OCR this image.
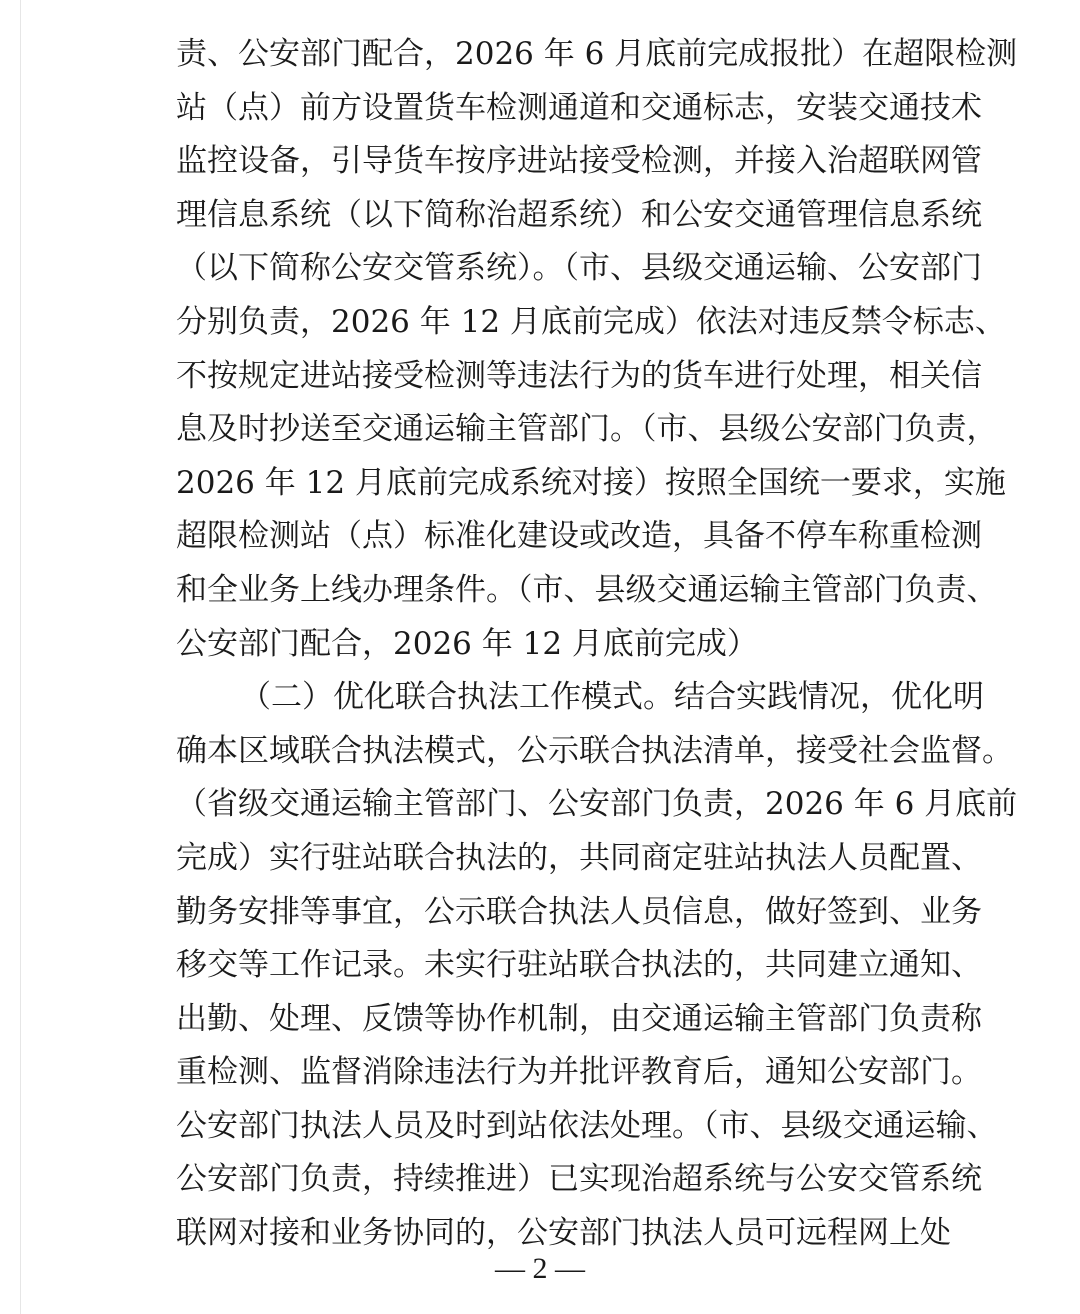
责、公安部门配合，2026 年 6 月底前完成报批）在超限检测
站（点）前方设置货车检测通道和交通标志，安装交通技术
监控设备，引导货车按序进站接受检测，并接入治超联网管
理信息系统（以下简称治超系统）和公安交通管理信息系统
（以下简称公安交管系统）。（市、县级交通运输、公安部门
分别负责，2026 年 12 月底前完成）依法对违反禁令标志、
不按规定进站接受检测等违法行为的货车进行处理，相关信
息及时抄送至交通运输主管部门。（市、县级公安部门负责，
2026 年 12 月底前完成系统对接）按照全国统一要求，实施
超限检测站（点）标准化建设或改造，具备不停车称重检测
和全业务上线办理条件。（市、县级交通运输主管部门负责、
公安部门配合，2026 年 12 月底前完成）
（二）优化联合执法工作模式。结合实践情况，优化明
确本区域联合执法模式，公示联合执法清单，接受社会监督。
（省级交通运输主管部门、公安部门负责，2026 年 6 月底前
完成）实行驻站联合执法的，共同商定驻站执法人员配置、
勤务安排等事宜，公示联合执法人员信息，做好签到、业务
移交等工作记录。未实行驻站联合执法的，共同建立通知、
出勤、处理、反馈等协作机制，由交通运输主管部门负责称
重检测、监督消除违法行为并批评教育后，通知公安部门。
公安部门执法人员及时到站依法处理。（市、县级交通运输、
公安部门负责，持续推进）已实现治超系统与公安交管系统
联网对接和业务协同的，公安部门执法人员可远程网上处
— 2 —
